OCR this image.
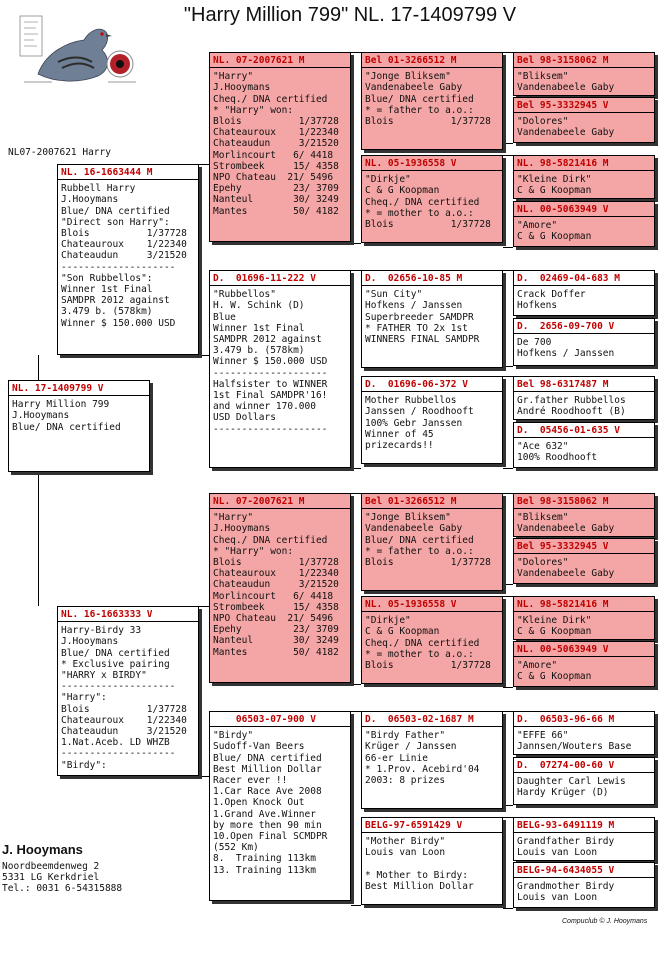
"Harry Million 799" NL. 17-1409799 V
NL07-2007621 Harry
NL. 17-1409799 V
Harry Million 799
J.Hooymans
Blue/ DNA certified
NL. 16-1663444 M
Rubbell Harry
J.Hooymans
Blue/ DNA certified
"Direct son Harry":
Blois          1/37728
Chateauroux    1/22340
Chateaudun     3/21520
--------------------
"Son Rubbellos":
Winner 1st Final
SAMDPR 2012 against
3.479 b. (578km)
Winner $ 150.000 USD
NL. 16-1663333 V
Harry-Birdy 33
J.Hooymans
Blue/ DNA certified
* Exclusive pairing
"HARRY x BIRDY"
--------------------
"Harry":
Blois          1/37728
Chateauroux    1/22340
Chateaudun     3/21520
1.Nat.Aceb. LD WHZB
--------------------
"Birdy":
NL. 07-2007621 M
"Harry"
J.Hooymans
Cheq./ DNA certified
* "Harry" won:
Blois          1/37728
Chateauroux    1/22340
Chateaudun     3/21520
Morlincourt   6/ 4418
Strombeek     15/ 4358
NPO Chateau  21/ 5496
Epehy         23/ 3709
Nanteul       30/ 3249
Mantes        50/ 4182
D.  01696-11-222 V
"Rubbellos"
H. W. Schink (D)
Blue
Winner 1st Final
SAMDPR 2012 against
3.479 b. (578km)
Winner $ 150.000 USD
--------------------
Halfsister to WINNER
1st Final SAMDPR'16!
and winner 170.000
USD Dollars
--------------------
NL. 07-2007621 M
"Harry"
J.Hooymans
Cheq./ DNA certified
* "Harry" won:
Blois          1/37728
Chateauroux    1/22340
Chateaudun     3/21520
Morlincourt   6/ 4418
Strombeek     15/ 4358
NPO Chateau  21/ 5496
Epehy         23/ 3709
Nanteul       30/ 3249
Mantes        50/ 4182
06503-07-900 V
"Birdy"
Sudoff-Van Beers
Blue/ DNA certified
Best Million Dollar
Racer ever !!
1.Car Race Ave 2008
1.Open Knock Out
1.Grand Ave.Winner
by more then 90 min
10.Open Final SCMDPR
(552 Km)
8.  Training 113km
13. Training 113km
Bel 01-3266512 M
"Jonge Bliksem"
Vandenabeele Gaby
Blue/ DNA certified
* = father to a.o.:
Blois          1/37728
NL. 05-1936558 V
"Dirkje"
C & G Koopman
Cheq./ DNA certified
* = mother to a.o.:
Blois          1/37728
D.  02656-10-85 M
"Sun City"
Hofkens / Janssen
Superbreeder SAMDPR
* FATHER TO 2x 1st
WINNERS FINAL SAMDPR
D.  01696-06-372 V
Mother Rubbellos
Janssen / Roodhooft
100% Gebr Janssen
Winner of 45
prizecards!!
Bel 01-3266512 M
"Jonge Bliksem"
Vandenabeele Gaby
Blue/ DNA certified
* = father to a.o.:
Blois          1/37728
NL. 05-1936558 V
"Dirkje"
C & G Koopman
Cheq./ DNA certified
* = mother to a.o.:
Blois          1/37728
D.  06503-02-1687 M
"Birdy Father"
Krüger / Janssen
66-er Linie
* 1.Prov. Acebird'04
2003: 8 prizes
BELG-97-6591429 V
"Mother Birdy"
Louis van Loon

* Mother to Birdy:
Best Million Dollar
Bel 98-3158062 M
"Bliksem"
Vandenabeele Gaby
Bel 95-3332945 V
"Dolores"
Vandenabeele Gaby
NL. 98-5821416 M
"Kleine Dirk"
C & G Koopman
NL. 00-5063949 V
"Amore"
C & G Koopman
D.  02469-04-683 M
Crack Doffer
Hofkens
D.  2656-09-700 V
De 700
Hofkens / Janssen
Bel 98-6317487 M
Gr.father Rubbellos
André Roodhooft (B)
D.  05456-01-635 V
"Ace 632"
100% Roodhooft
Bel 98-3158062 M
"Bliksem"
Vandenabeele Gaby
Bel 95-3332945 V
"Dolores"
Vandenabeele Gaby
NL. 98-5821416 M
"Kleine Dirk"
C & G Koopman
NL. 00-5063949 V
"Amore"
C & G Koopman
D.  06503-96-66 M
"EFFE 66"
Jannsen/Wouters Base
D.  07274-00-60 V
Daughter Carl Lewis
Hardy Krüger (D)
BELG-93-6491119 M
Grandfather Birdy
Louis van Loon
BELG-94-6434055 V
Grandmother Birdy
Louis van Loon
J. Hooymans
Noordbeemdenweg 2
5331 LG Kerkdriel
Tel.: 0031 6-54315888
Compuclub © J. Hooymans
